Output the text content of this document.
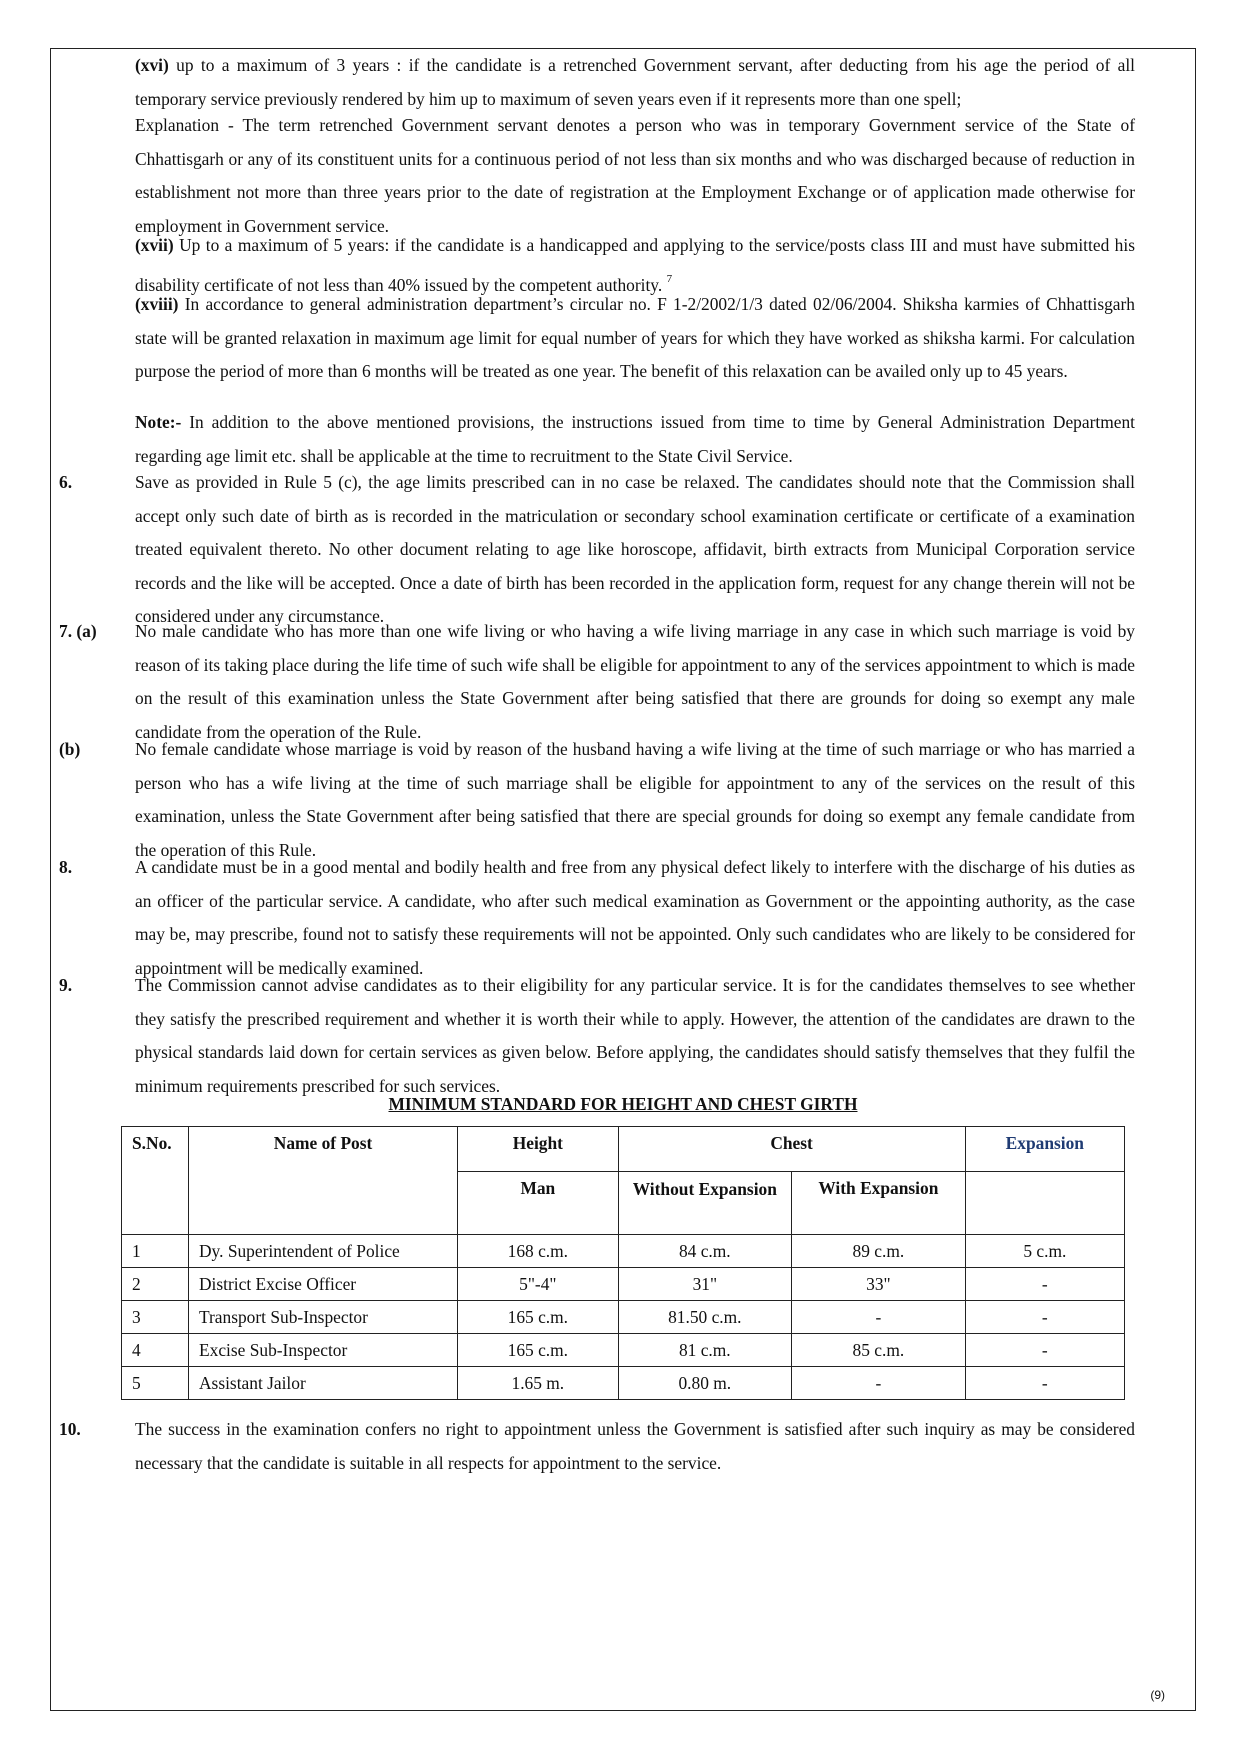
(xvi) up to a maximum of 3 years : if the candidate is a retrenched Government servant, after deducting from his age the period of all temporary service previously rendered by him up to maximum of seven years even if it represents more than one spell;
Explanation - The term retrenched Government servant denotes a person who was in temporary Government service of the State of Chhattisgarh or any of its constituent units for a continuous period of not less than six months and who was discharged because of reduction in establishment not more than three years prior to the date of registration at the Employment Exchange or of application made otherwise for employment in Government service.
(xvii) Up to a maximum of 5 years: if the candidate is a handicapped and applying to the service/posts class III and must have submitted his disability certificate of not less than 40% issued by the competent authority. $^7$
(xviii) In accordance to general administration department’s circular no. F 1-2/2002/1/3 dated 02/06/2004. Shiksha karmies of Chhattisgarh state will be granted relaxation in maximum age limit for equal number of years for which they have worked as shiksha karmi. For calculation purpose the period of more than 6 months will be treated as one year. The benefit of this relaxation can be availed only up to 45 years.
Note:- In addition to the above mentioned provisions, the instructions issued from time to time by General Administration Department regarding age limit etc. shall be applicable at the time to recruitment to the State Civil Service.
6.	Save as provided in Rule 5 (c), the age limits prescribed can in no case be relaxed. The candidates should note that the Commission shall accept only such date of birth as is recorded in the matriculation or secondary school examination certificate or certificate of a examination treated equivalent thereto. No other document relating to age like horoscope, affidavit, birth extracts from Municipal Corporation service records and the like will be accepted. Once a date of birth has been recorded in the application form, request for any change therein will not be considered under any circumstance.
7. (a) No male candidate who has more than one wife living or who having a wife living marriage in any case in which such marriage is void by reason of its taking place during the life time of such wife shall be eligible for appointment to any of the services appointment to which is made on the result of this examination unless the State Government after being satisfied that there are grounds for doing so exempt any male candidate from the operation of the Rule.
(b)	No female candidate whose marriage is void by reason of the husband having a wife living at the time of such marriage or who has married a person who has a wife living at the time of such marriage shall be eligible for appointment to any of the services on the result of this examination, unless the State Government after being satisfied that there are special grounds for doing so exempt any female candidate from the operation of this Rule.
8.	A candidate must be in a good mental and bodily health and free from any physical defect likely to interfere with the discharge of his duties as an officer of the particular service. A candidate, who after such medical examination as Government or the appointing authority, as the case may be, may prescribe, found not to satisfy these requirements will not be appointed. Only such candidates who are likely to be considered for appointment will be medically examined.
9.	The Commission cannot advise candidates as to their eligibility for any particular service. It is for the candidates themselves to see whether they satisfy the prescribed requirement and whether it is worth their while to apply. However, the attention of the candidates are drawn to the physical standards laid down for certain services as given below. Before applying, the candidates should satisfy themselves that they fulfil the minimum requirements prescribed for such services.
MINIMUM STANDARD FOR HEIGHT AND CHEST GIRTH
S.No.	Name of Post	Height	Chest		Expansion
		Man	Without Expansion	With Expansion	
1	Dy. Superintendent of Police	168 c.m.	84 c.m.	89 c.m.	5 c.m.
2	District Excise Officer	5"-4"	31"	33"	-
3	Transport Sub-Inspector	165 c.m.	81.50 c.m.	-	-
4	Excise Sub-Inspector	165 c.m.	81 c.m.	85 c.m.	-
5	Assistant Jailor	1.65 m.	0.80 m.	-	-
10.	The success in the examination confers no right to appointment unless the Government is satisfied after such inquiry as may be considered necessary that the candidate is suitable in all respects for appointment to the service.
(9)
